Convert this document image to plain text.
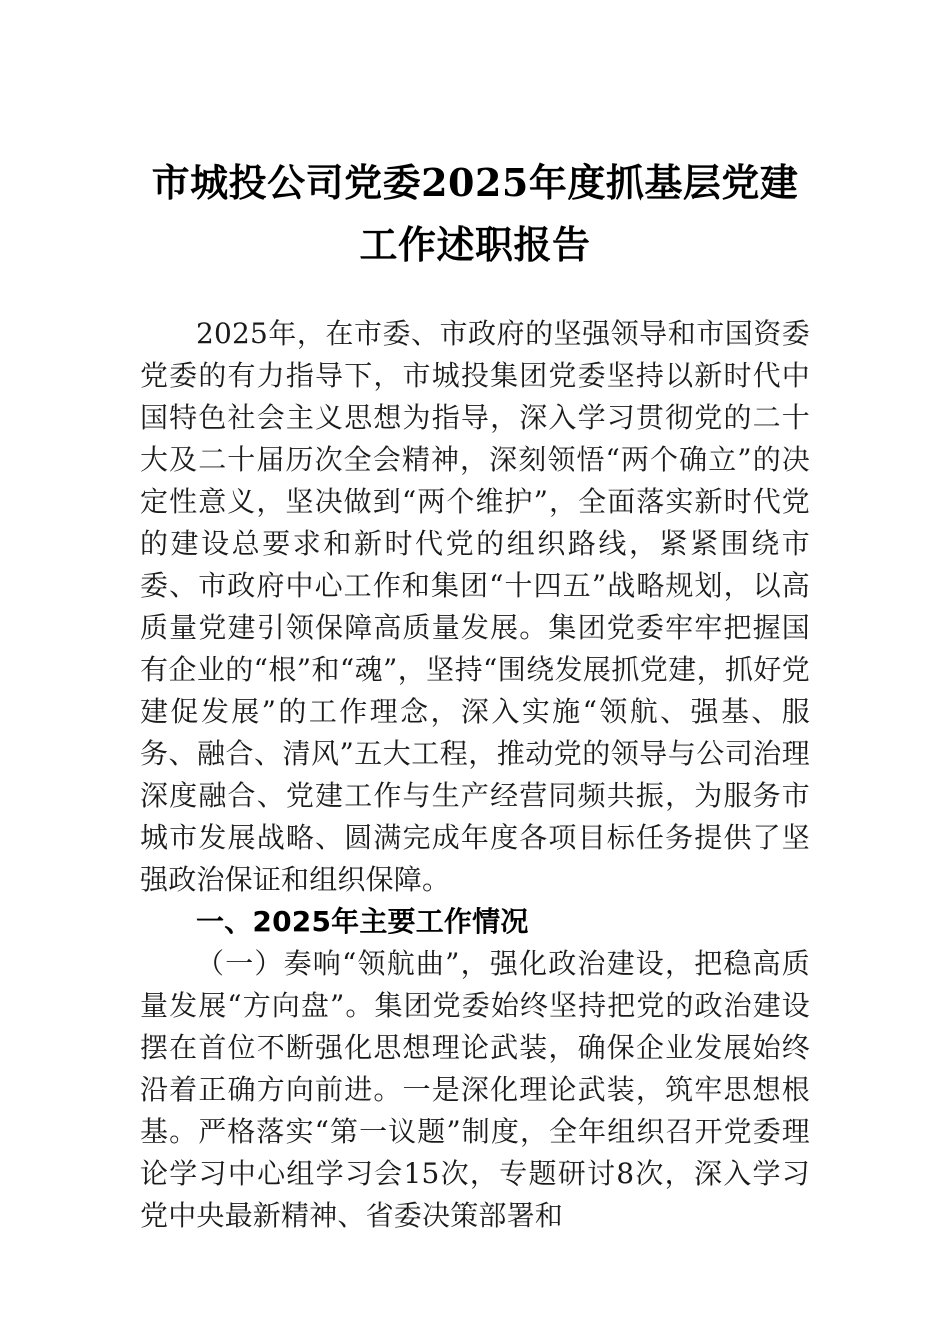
市城投公司党委2025年度抓基层党建工作述职报告

2025年，在市委、市政府的坚强领导和市国资委党委的有力指导下，市城投集团党委坚持以新时代中国特色社会主义思想为指导，深入学习贯彻党的二十大及二十届历次全会精神，深刻领悟“两个确立”的决定性意义，坚决做到“两个维护”，全面落实新时代党的建设总要求和新时代党的组织路线，紧紧围绕市委、市政府中心工作和集团“十四五”战略规划，以高质量党建引领保障高质量发展。集团党委牢牢把握国有企业的“根”和“魂”，坚持“围绕发展抓党建，抓好党建促发展”的工作理念，深入实施“领航、强基、服务、融合、清风”五大工程，推动党的领导与公司治理深度融合、党建工作与生产经营同频共振，为服务市城市发展战略、圆满完成年度各项目标任务提供了坚强政治保证和组织保障。

一、2025年主要工作情况

（一）奏响“领航曲”，强化政治建设，把稳高质量发展“方向盘”。集团党委始终坚持把党的政治建设摆在首位不断强化思想理论武装，确保企业发展始终沿着正确方向前进。一是深化理论武装，筑牢思想根基。严格落实“第一议题”制度，全年组织召开党委理论学习中心组学习会15次，专题研讨8次，深入学习党中央最新精神、省委决策部署和
